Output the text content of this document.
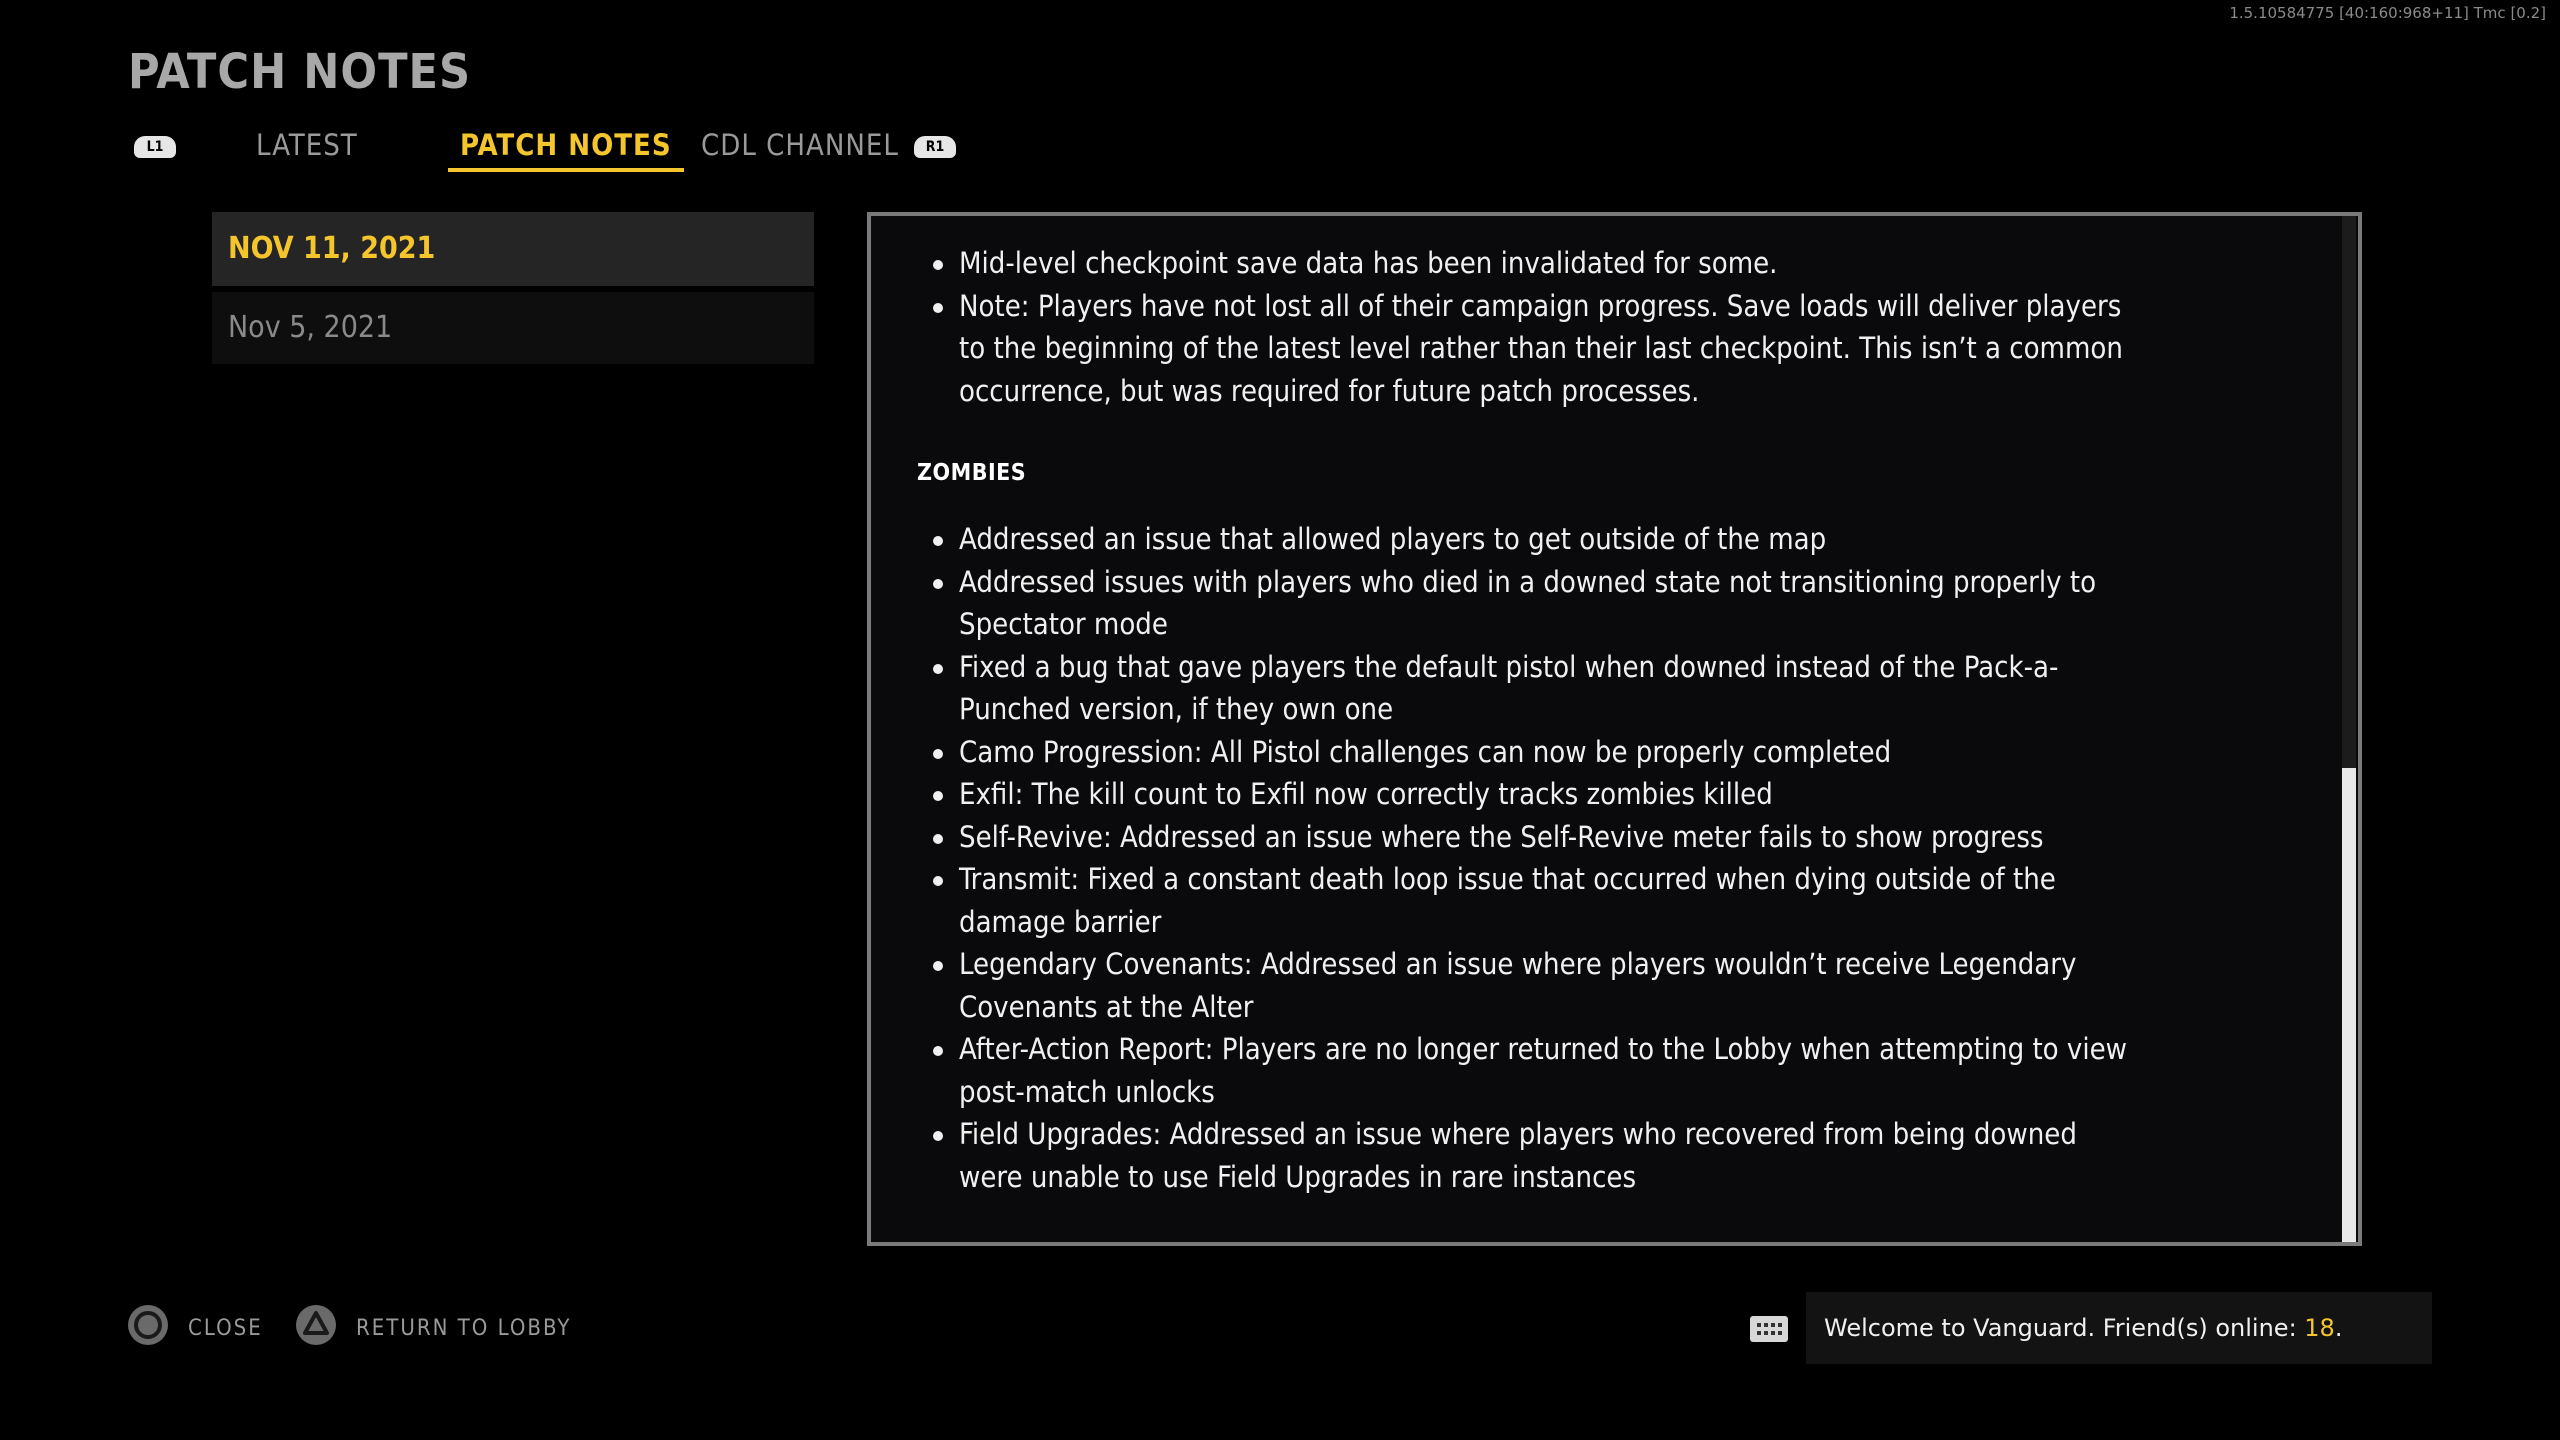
1.5.10584775 [40:160:968+11] Tmc [0.2]
PATCH NOTES
L1	LATEST	PATCH NOTES	CDL CHANNEL	R1
NOV 11, 2021
Nov 5, 2021
Mid-level checkpoint save data has been invalidated for some.
Note: Players have not lost all of their campaign progress. Save loads will deliver players to the beginning of the latest level rather than their last checkpoint. This isn’t a common occurrence, but was required for future patch processes.
ZOMBIES
Addressed an issue that allowed players to get outside of the map
Addressed issues with players who died in a downed state not transitioning properly to Spectator mode
Fixed a bug that gave players the default pistol when downed instead of the Pack-a-Punched version, if they own one
Camo Progression: All Pistol challenges can now be properly completed
Exfil: The kill count to Exfil now correctly tracks zombies killed
Self-Revive: Addressed an issue where the Self-Revive meter fails to show progress
Transmit: Fixed a constant death loop issue that occurred when dying outside of the damage barrier
Legendary Covenants: Addressed an issue where players wouldn’t receive Legendary Covenants at the Alter
After-Action Report: Players are no longer returned to the Lobby when attempting to view post-match unlocks
Field Upgrades: Addressed an issue where players who recovered from being downed were unable to use Field Upgrades in rare instances
CLOSE	RETURN TO LOBBY	Welcome to Vanguard. Friend(s) online: 18.
